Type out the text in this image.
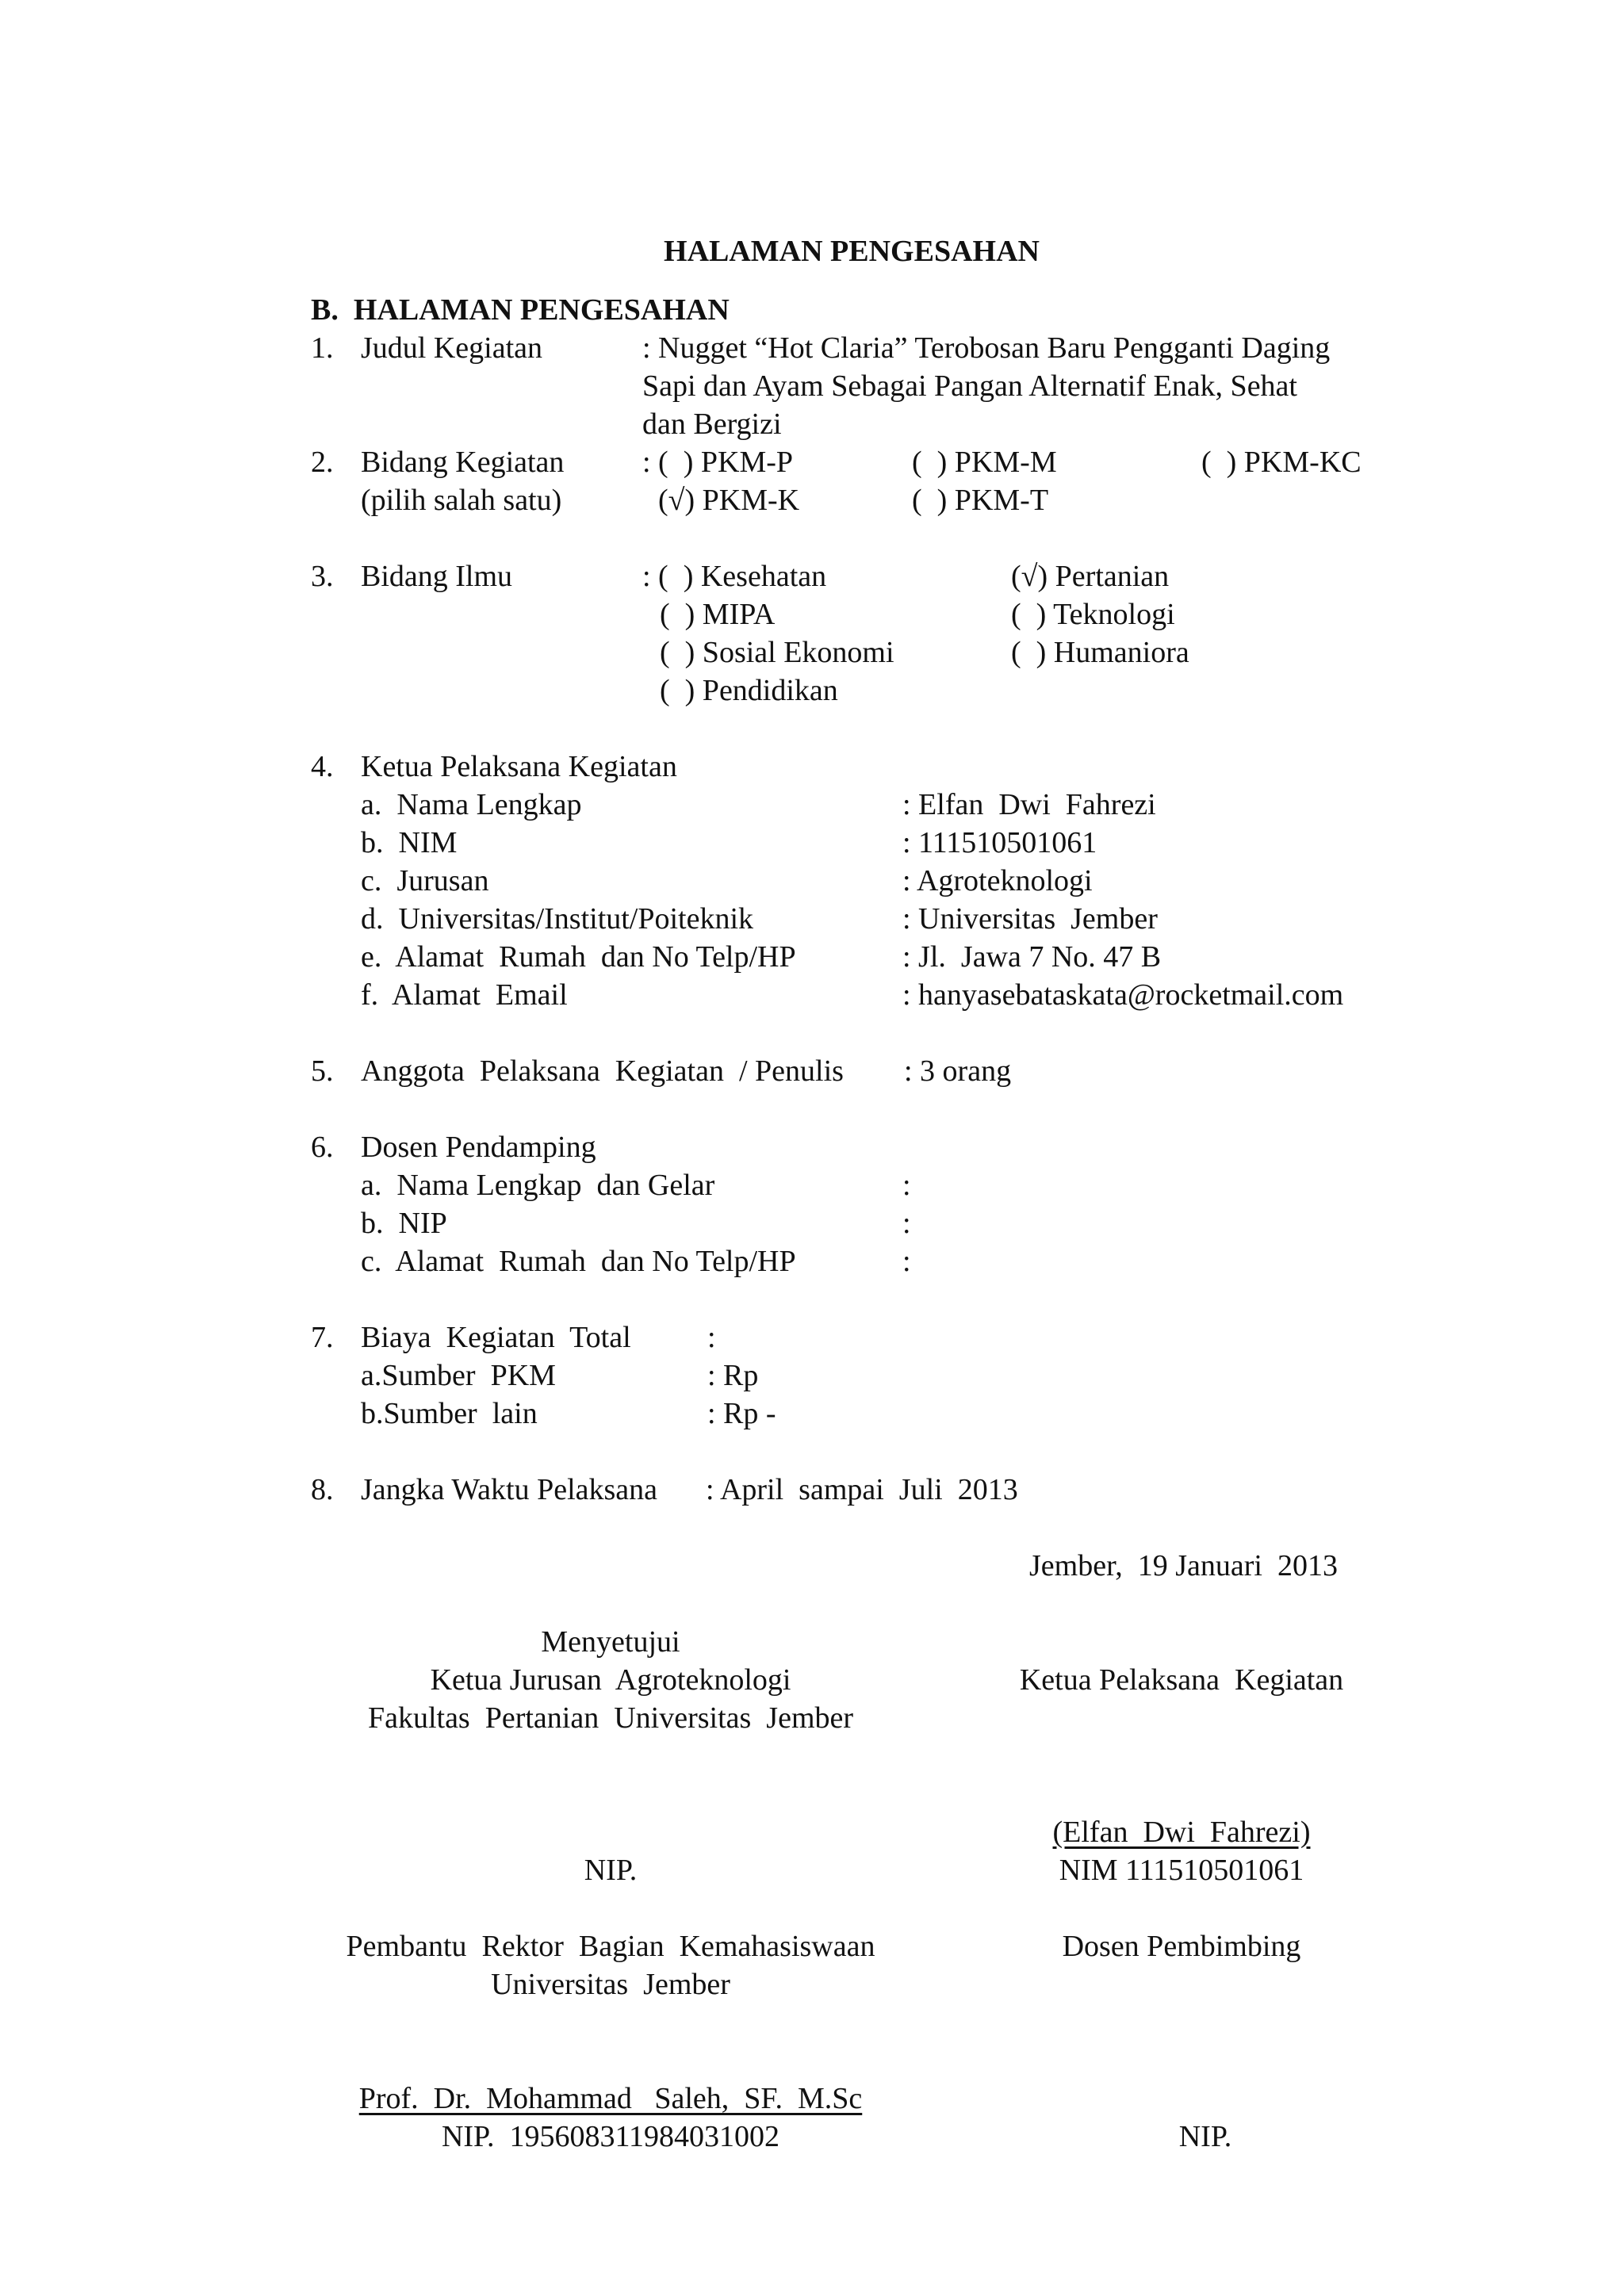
HALAMAN PENGESAHAN
B.  HALAMAN PENGESAHAN
1. Judul Kegiatan	: Nugget “Hot Claria” Terobosan Baru Pengganti Daging
Sapi dan Ayam Sebagai Pangan Alternatif Enak, Sehat
dan Bergizi
2. Bidang Kegiatan
(pilih salah satu)
: (  ) PKM-P	(  ) PKM-M	(  ) PKM-KC
(√) PKM-K	(  ) PKM-T
3. Bidang Ilmu	: (  ) Kesehatan	(√) Pertanian
(  ) MIPA	(  ) Teknologi
(  ) Sosial Ekonomi	(  ) Humaniora
(  ) Pendidikan
4. Ketua Pelaksana Kegiatan
a.  Nama Lengkap	: Elfan  Dwi  Fahrezi
b.  NIM	: 111510501061
c.  Jurusan	: Agroteknologi
d.  Universitas/Institut/Poiteknik	: Universitas  Jember
e.  Alamat  Rumah  dan No Telp/HP	: Jl.  Jawa 7 No. 47 B
f.  Alamat  Email	: hanyasebataskata@rocketmail.com
5. Anggota  Pelaksana  Kegiatan  / Penulis : 3 orang
6. Dosen Pendamping
a.  Nama Lengkap  dan Gelar	:
b.  NIP	:
c.  Alamat  Rumah  dan No Telp/HP	:
7. Biaya  Kegiatan  Total	:
a.Sumber  PKM	: Rp
b.Sumber  lain	: Rp -
8. Jangka Waktu Pelaksana : April  sampai  Juli  2013
Jember,  19 Januari  2013
Menyetujui
Ketua Jurusan  Agroteknologi
Fakultas  Pertanian  Universitas  Jember
Ketua Pelaksana  Kegiatan
(Elfan  Dwi  Fahrezi)
NIP.	NIM 111510501061
Pembantu  Rektor  Bagian  Kemahasiswaan
Universitas  Jember
Dosen Pembimbing
Prof.  Dr.  Mohammad   Saleh,  SF.  M.Sc
NIP.  195608311984031002	NIP.
